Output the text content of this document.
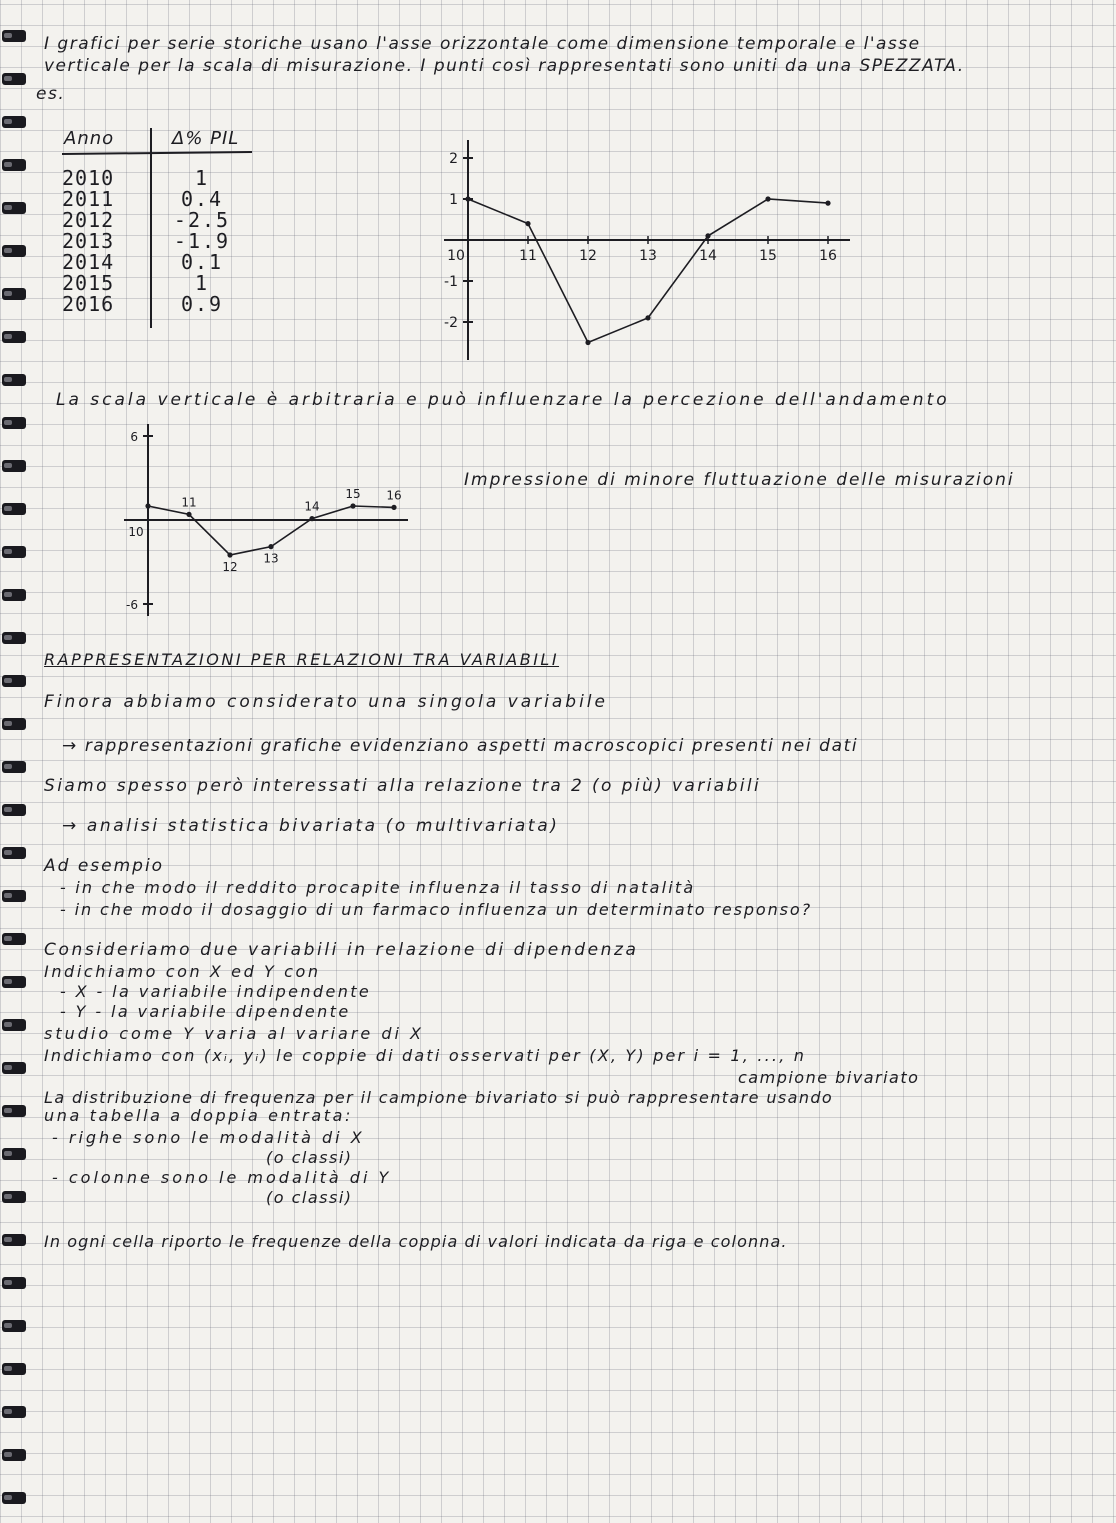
I grafici per serie storiche usano l'asse orizzontale come dimensione temporale e l'asse
verticale per la scala di misurazione. I punti così rappresentati sono uniti da una SPEZZATA.
es.
Anno	Δ% PIL
2010	1
2011	0.4
2012	-2.5
2013	-1.9
2014	0.1
2015	1
2016	0.9
2
1
-1
-2
10	11	12	13	14	15	16
La scala verticale è arbitraria e può influenzare la percezione dell'andamento
6
-6
10
11
12
13
14
15 16
Impressione di minore fluttuazione delle misurazioni
RAPPRESENTAZIONI PER RELAZIONI TRA VARIABILI
Finora abbiamo considerato una singola variabile
→ rappresentazioni grafiche evidenziano aspetti macroscopici presenti nei dati
Siamo spesso però interessati alla relazione tra 2 (o più) variabili
→ analisi statistica bivariata (o multivariata)
Ad esempio
- in che modo il reddito procapite influenza il tasso di natalità
- in che modo il dosaggio di un farmaco influenza un determinato responso?
Consideriamo due variabili in relazione di dipendenza
Indichiamo con X ed Y con
- X - la variabile indipendente
- Y - la variabile dipendente
studio come Y varia al variare di X
Indichiamo con (xᵢ, yᵢ) le coppie di dati osservati per (X, Y) per i = 1, ..., n
campione bivariato
La distribuzione di frequenza per il campione bivariato si può rappresentare usando
una tabella a doppia entrata:
- righe sono le modalità di X
(o classi)
- colonne sono le modalità di Y
(o classi)
In ogni cella riporto le frequenze della coppia di valori indicata da riga e colonna.
